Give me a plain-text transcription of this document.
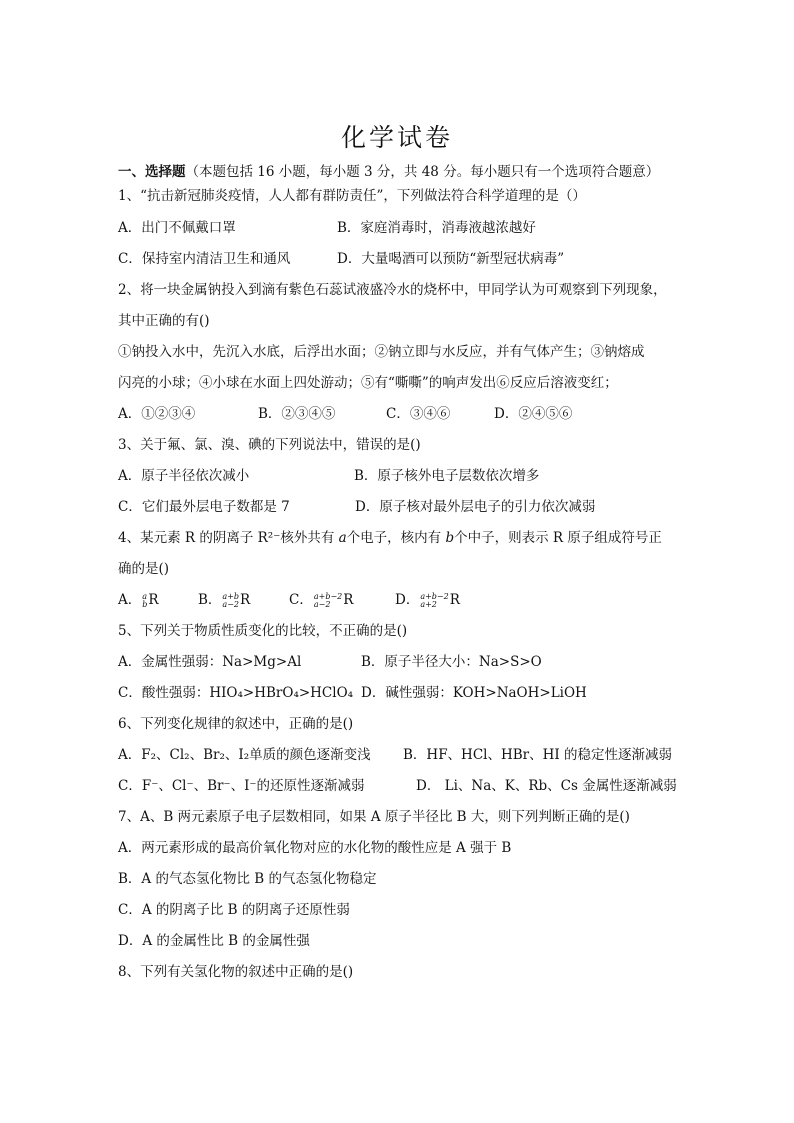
化学试卷
一、选择题（本题包括 16 小题，每小题 3 分，共 48 分。每小题只有一个选项符合题意）
1、“抗击新冠肺炎疫情，人人都有群防责任”，下列做法符合科学道理的是（）
A．出门不佩戴口罩	B．家庭消毒时，消毒液越浓越好
C．保持室内清洁卫生和通风	D．大量喝酒可以预防“新型冠状病毒”
2、将一块金属钠投入到滴有紫色石蕊试液盛冷水的烧杯中，甲同学认为可观察到下列现象，
其中正确的有()
①钠投入水中，先沉入水底，后浮出水面；②钠立即与水反应，并有气体产生；③钠熔成
闪亮的小球；④小球在水面上四处游动；⑤有“嘶嘶”的响声发出⑥反应后溶液变红；
A．①②③④	B．②③④⑤	C．③④⑥	D．②④⑤⑥
3、关于氟、氯、溴、碘的下列说法中，错误的是()
A．原子半径依次减小	B．原子核外电子层数依次增多
C．它们最外层电子数都是 7	D．原子核对最外层电子的引力依次减弱
4、某元素 R 的阴离子 R²⁻核外共有 a个电子，核内有 b个中子，则表示 R 原子组成符号正
确的是()
A． a
b R	B． a+b
a−2 R	C． a+b−2
a−2 R	D． a+b−2
a+2 R
5、下列关于物质性质变化的比较，不正确的是()
A．金属性强弱：Na>Mg>Al	B．原子半径大小：Na>S>O
C．酸性强弱：HIO₄>HBrO₄>HClO₄ D．碱性强弱：KOH>NaOH>LiOH
6、下列变化规律的叙述中，正确的是()
A．F₂、Cl₂、Br₂、I₂单质的颜色逐渐变浅 B．HF、HCl、HBr、HI 的稳定性逐渐减弱
C．F⁻、Cl⁻、Br⁻、I⁻的还原性逐渐减弱	D． Li、Na、K、Rb、Cs 金属性逐渐减弱
7、A、B 两元素原子电子层数相同，如果 A 原子半径比 B 大，则下列判断正确的是()
A．两元素形成的最高价氧化物对应的水化物的酸性应是 A 强于 B
B．A 的气态氢化物比 B 的气态氢化物稳定
C．A 的阴离子比 B 的阴离子还原性弱
D．A 的金属性比 B 的金属性强
8、下列有关氢化物的叙述中正确的是()
